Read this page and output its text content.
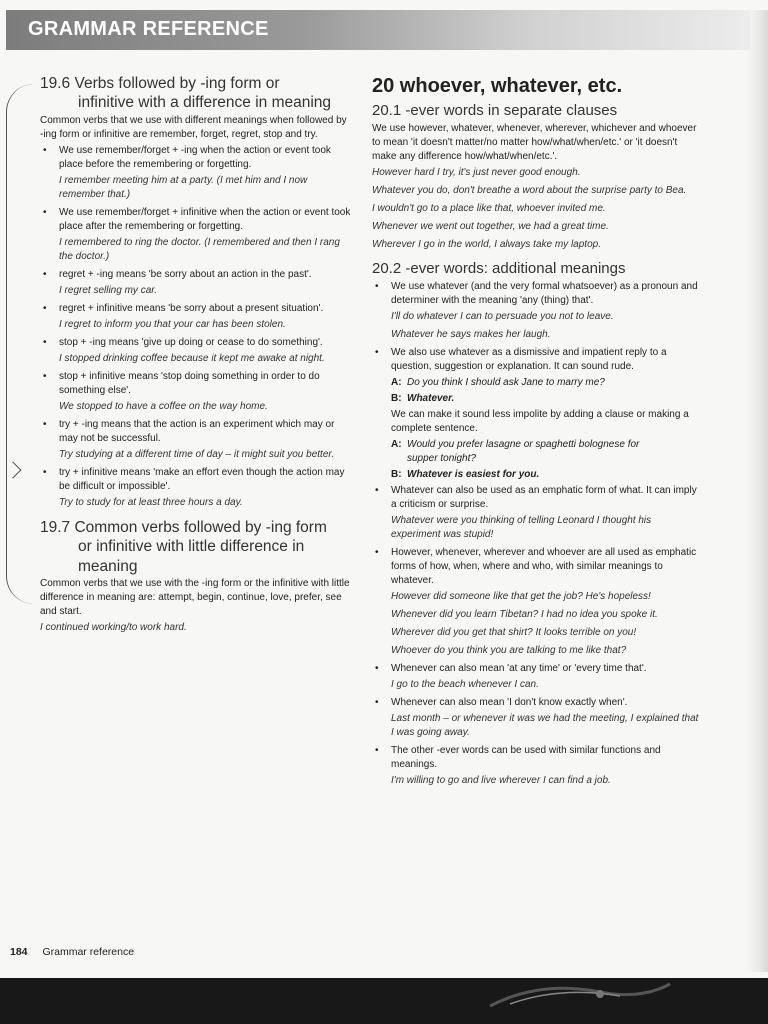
GRAMMAR REFERENCE
19.6 Verbs followed by -ing form or
infinitive with a difference in meaning

Common verbs that we use with different meanings when followed by -ing form or infinitive are remember, forget, regret, stop and try.

• We use remember/forget + -ing when the action or event took place before the remembering or forgetting.
I remember meeting him at a party. (I met him and I now remember that.)
• We use remember/forget + infinitive when the action or event took place after the remembering or forgetting.
I remembered to ring the doctor. (I remembered and then I rang the doctor.)
• regret + -ing means 'be sorry about an action in the past'.
I regret selling my car.
• regret + infinitive means 'be sorry about a present situation'.
I regret to inform you that your car has been stolen.
• stop + -ing means 'give up doing or cease to do something'.
I stopped drinking coffee because it kept me awake at night.
• stop + infinitive means 'stop doing something in order to do something else'.
We stopped to have a coffee on the way home.
• try + -ing means that the action is an experiment which may or may not be successful.
Try studying at a different time of day – it might suit you better.
• try + infinitive means 'make an effort even though the action may be difficult or impossible'.
Try to study for at least three hours a day.
19.7 Common verbs followed by -ing form
or infinitive with little difference in
meaning

Common verbs that we use with the -ing form or the infinitive with little difference in meaning are: attempt, begin, continue, love, prefer, see and start.

I continued working/to work hard.
20 whoever, whatever, etc.
20.1 -ever words in separate clauses

We use however, whatever, whenever, wherever, whichever and whoever to mean 'it doesn't matter/no matter how/what/when/etc.' or 'it doesn't make any difference how/what/when/etc.'.

However hard I try, it's just never good enough.
Whatever you do, don't breathe a word about the surprise party to Bea.
I wouldn't go to a place like that, whoever invited me.
Whenever we went out together, we had a great time.
Wherever I go in the world, I always take my laptop.
20.2 -ever words: additional meanings
• We use whatever (and the very formal whatsoever) as a pronoun and determiner with the meaning 'any (thing) that'.
I'll do whatever I can to persuade you not to leave.
Whatever he says makes her laugh.
• We also use whatever as a dismissive and impatient reply to a question, suggestion or explanation. It can sound rude.
A: Do you think I should ask Jane to marry me?
B: Whatever.
We can make it sound less impolite by adding a clause or making a complete sentence.
A: Would you prefer lasagne or spaghetti bolognese for
supper tonight?
B: Whatever is easiest for you.
• Whatever can also be used as an emphatic form of what. It can imply a criticism or surprise.
Whatever were you thinking of telling Leonard I thought his experiment was stupid!
• However, whenever, wherever and whoever are all used as emphatic forms of how, when, where and who, with similar meanings to whatever.
However did someone like that get the job? He's hopeless!
Whenever did you learn Tibetan? I had no idea you spoke it.
Wherever did you get that shirt? It looks terrible on you!
Whoever do you think you are talking to me like that?
• Whenever can also mean 'at any time' or 'every time that'.
I go to the beach whenever I can.
• Whenever can also mean 'I don't know exactly when'.
Last month – or whenever it was we had the meeting, I explained that I was going away.
• The other -ever words can be used with similar functions and meanings.
I'm willing to go and live wherever I can find a job.
184 Grammar reference
